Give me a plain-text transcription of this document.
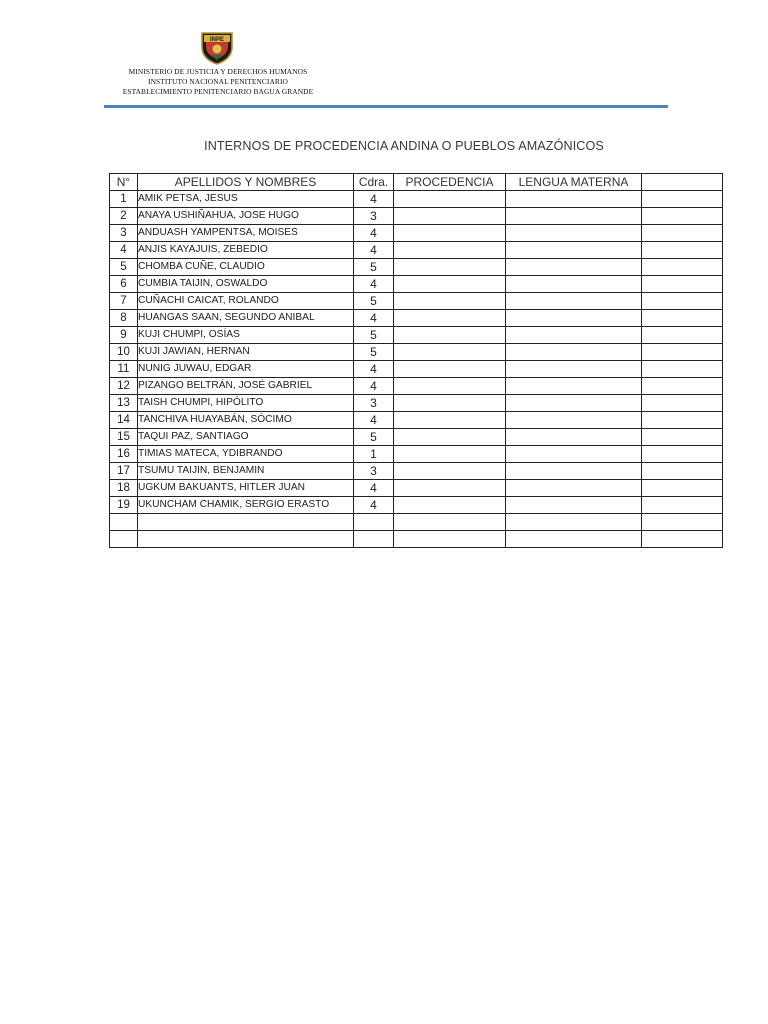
INPE
MINISTERIO DE JUSTICIA Y DERECHOS HUMANOS
INSTITUTO NACIONAL PENITENCIARIO
ESTABLECIMIENTO PENITENCIARIO BAGUA GRANDE
INTERNOS DE PROCEDENCIA ANDINA O PUEBLOS AMAZÓNICOS
N°	APELLIDOS Y NOMBRES	Cdra.	PROCEDENCIA	LENGUA MATERNA	
1	AMIK PETSA, JESUS	4			
2	ANAYA USHIÑAHUA, JOSE HUGO	3			
3	ANDUASH YAMPENTSA, MOISES	4			
4	ANJIS KAYAJUIS, ZEBEDIO	4			
5	CHOMBA CUÑE, CLAUDIO	5			
6	CUMBIA TAIJIN, OSWALDO	4			
7	CUÑACHI CAICAT, ROLANDO	5			
8	HUANGAS SAAN, SEGUNDO ANIBAL	4			
9	KUJI CHUMPI, OSÍAS	5			
10	KUJI JAWIAN, HERNAN	5			
11	NUNIG JUWAU, EDGAR	4			
12	PIZANGO BELTRÁN, JOSÉ GABRIEL	4			
13	TAISH CHUMPI, HIPÓLITO	3			
14	TANCHIVA HUAYABÁN, SÓCIMO	4			
15	TAQUI PAZ, SANTIAGO	5			
16	TIMIAS MATECA, YDIBRANDO	1			
17	TSUMU TAIJIN, BENJAMIN	3			
18	UGKUM BAKUANTS, HITLER JUAN	4			
19	UKUNCHAM CHAMIK, SERGIO ERASTO	4			
